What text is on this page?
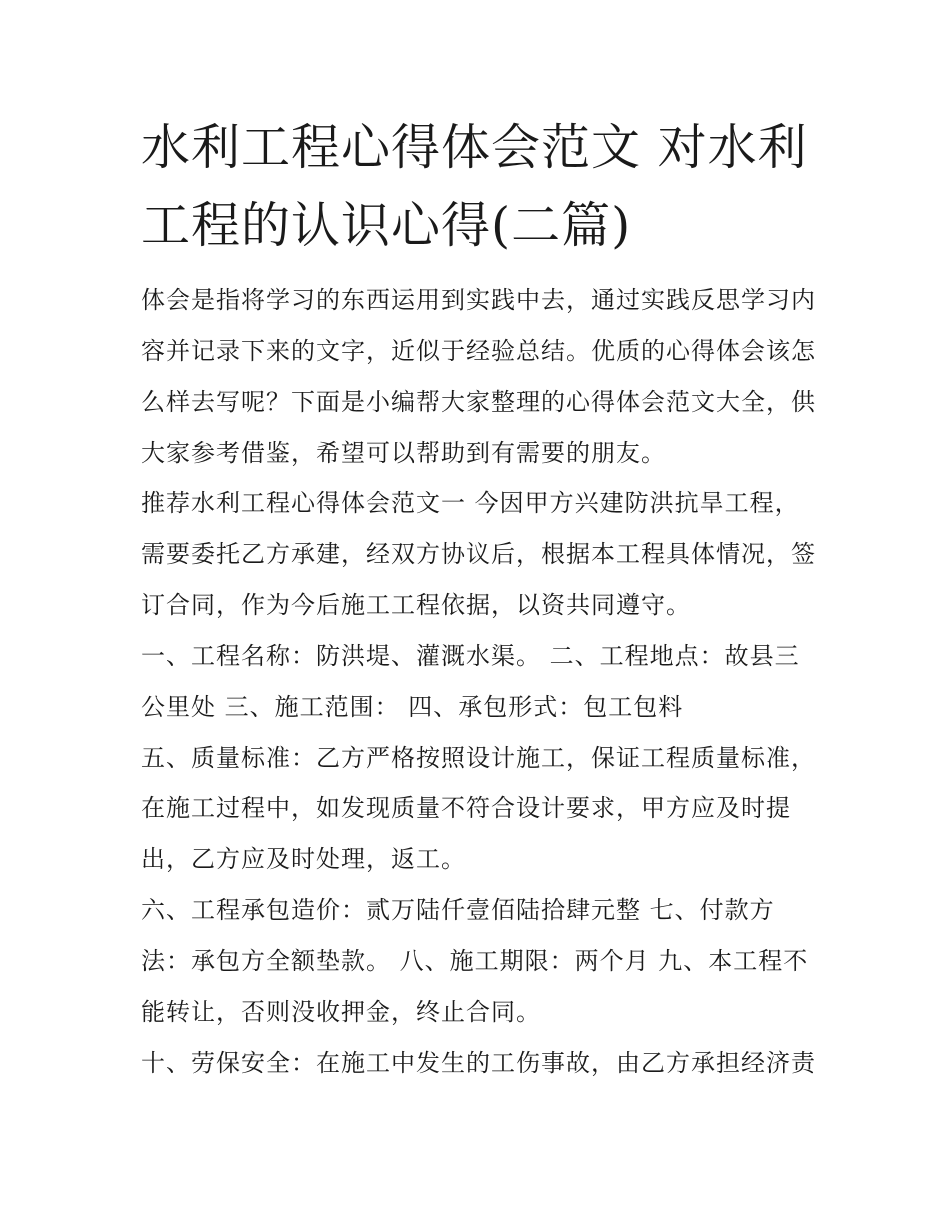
水利工程心得体会范文 对水利
工程的认识心得(二篇)
体会是指将学习的东西运用到实践中去，通过实践反思学习内
容并记录下来的文字，近似于经验总结。优质的心得体会该怎
么样去写呢？下面是小编帮大家整理的心得体会范文大全，供
大家参考借鉴，希望可以帮助到有需要的朋友。
推荐水利工程心得体会范文一 今因甲方兴建防洪抗旱工程，
需要委托乙方承建，经双方协议后，根据本工程具体情况，签
订合同，作为今后施工工程依据，以资共同遵守。
一、工程名称：防洪堤、灌溉水渠。 二、工程地点：故县三
公里处 三、施工范围： 四、承包形式：包工包料
五、质量标准：乙方严格按照设计施工，保证工程质量标准，
在施工过程中，如发现质量不符合设计要求，甲方应及时提
出，乙方应及时处理，返工。
六、工程承包造价：贰万陆仟壹佰陆拾肆元整 七、付款方
法：承包方全额垫款。 八、施工期限：两个月 九、本工程不
能转让，否则没收押金，终止合同。
十、劳保安全：在施工中发生的工伤事故，由乙方承担经济责
